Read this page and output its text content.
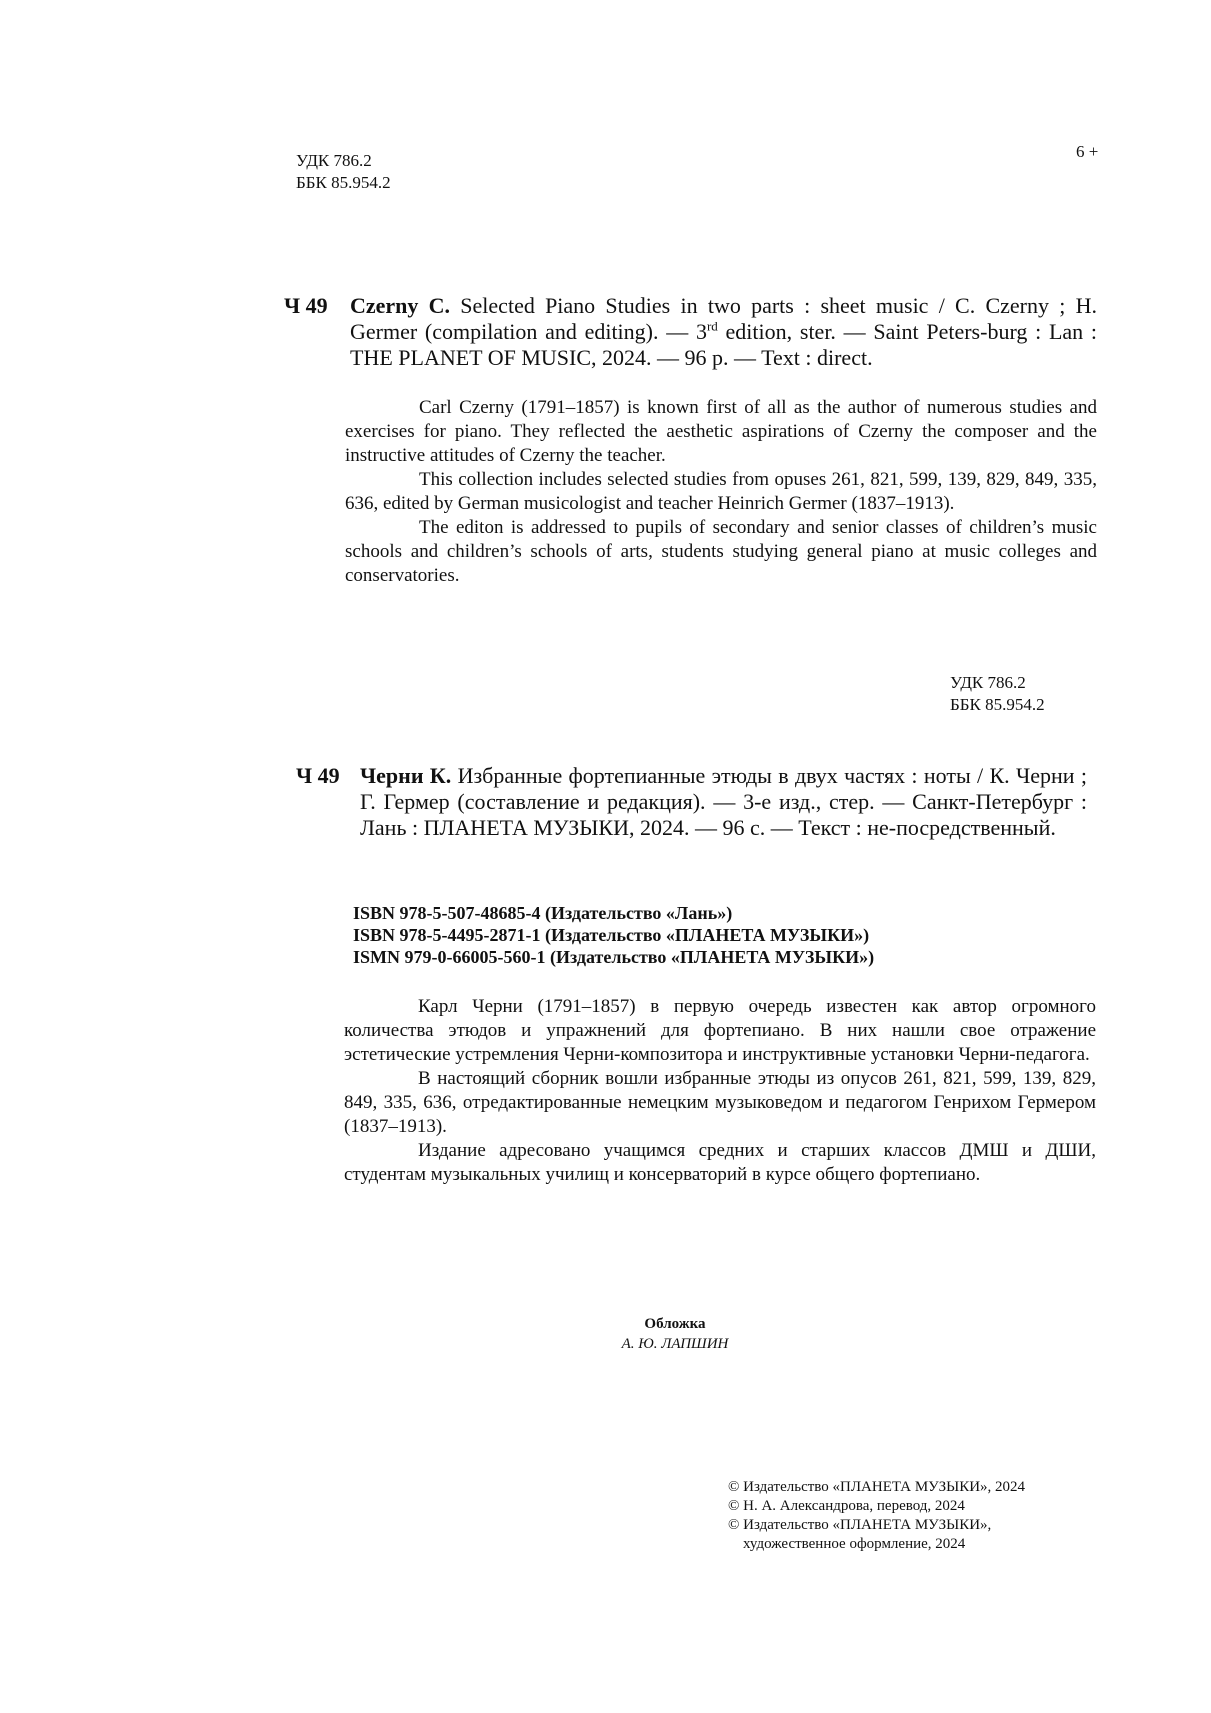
УДК 786.2
ББК 85.954.2
6 +
Ч 49	Czerny C. Selected Piano Studies in two parts : sheet music / C. Czerny ; H. Germer (compilation and editing). — 3rd edition, ster. — Saint Peters-burg : Lan : THE PLANET OF MUSIC, 2024. — 96 p. — Text : direct.

Carl Czerny (1791–1857) is known first of all as the author of numerous studies and exercises for piano. They reflected the aesthetic aspirations of Czerny the composer and the instructive attitudes of Czerny the teacher.

This collection includes selected studies from opuses 261, 821, 599, 139, 829, 849, 335, 636, edited by German musicologist and teacher Heinrich Germer (1837–1913).

The editon is addressed to pupils of secondary and senior classes of children’s music schools and children’s schools of arts, students studying general piano at music colleges and conservatories.

УДК 786.2
ББК 85.954.2
Ч 49 Черни К. Избранные фортепианные этюды в двух частях : ноты / К. Черни ; Г. Гермер (составление и редакция). — 3-е изд., стер. — Санкт-Петербург : Лань : ПЛАНЕТА МУЗЫКИ, 2024. — 96 с. — Текст : не-посредственный.
ISBN 978-5-507-48685-4 (Издательство «Лань»)
ISBN 978-5-4495-2871-1 (Издательство «ПЛАНЕТА МУЗЫКИ»)
ISMN 979-0-66005-560-1 (Издательство «ПЛАНЕТА МУЗЫКИ»)

Карл Черни (1791–1857) в первую очередь известен как автор огромного количества этюдов и упражнений для фортепиано. В них нашли свое отражение эстетические устремления Черни-композитора и инструктивные установки Черни-педагога.

В настоящий сборник вошли избранные этюды из опусов 261, 821, 599, 139, 829, 849, 335, 636, отредактированные немецким музыковедом и педагогом Генрихом Гермером (1837–1913).

Издание адресовано учащимся средних и старших классов ДМШ и ДШИ, студентам музыкальных училищ и консерваторий в курсе общего фортепиано.

Обложка
А. Ю. ЛАПШИН
© Издательство «ПЛАНЕТА МУЗЫКИ», 2024
© Н. А. Александрова, перевод, 2024
© Издательство «ПЛАНЕТА МУЗЫКИ»,
художественное оформление, 2024
